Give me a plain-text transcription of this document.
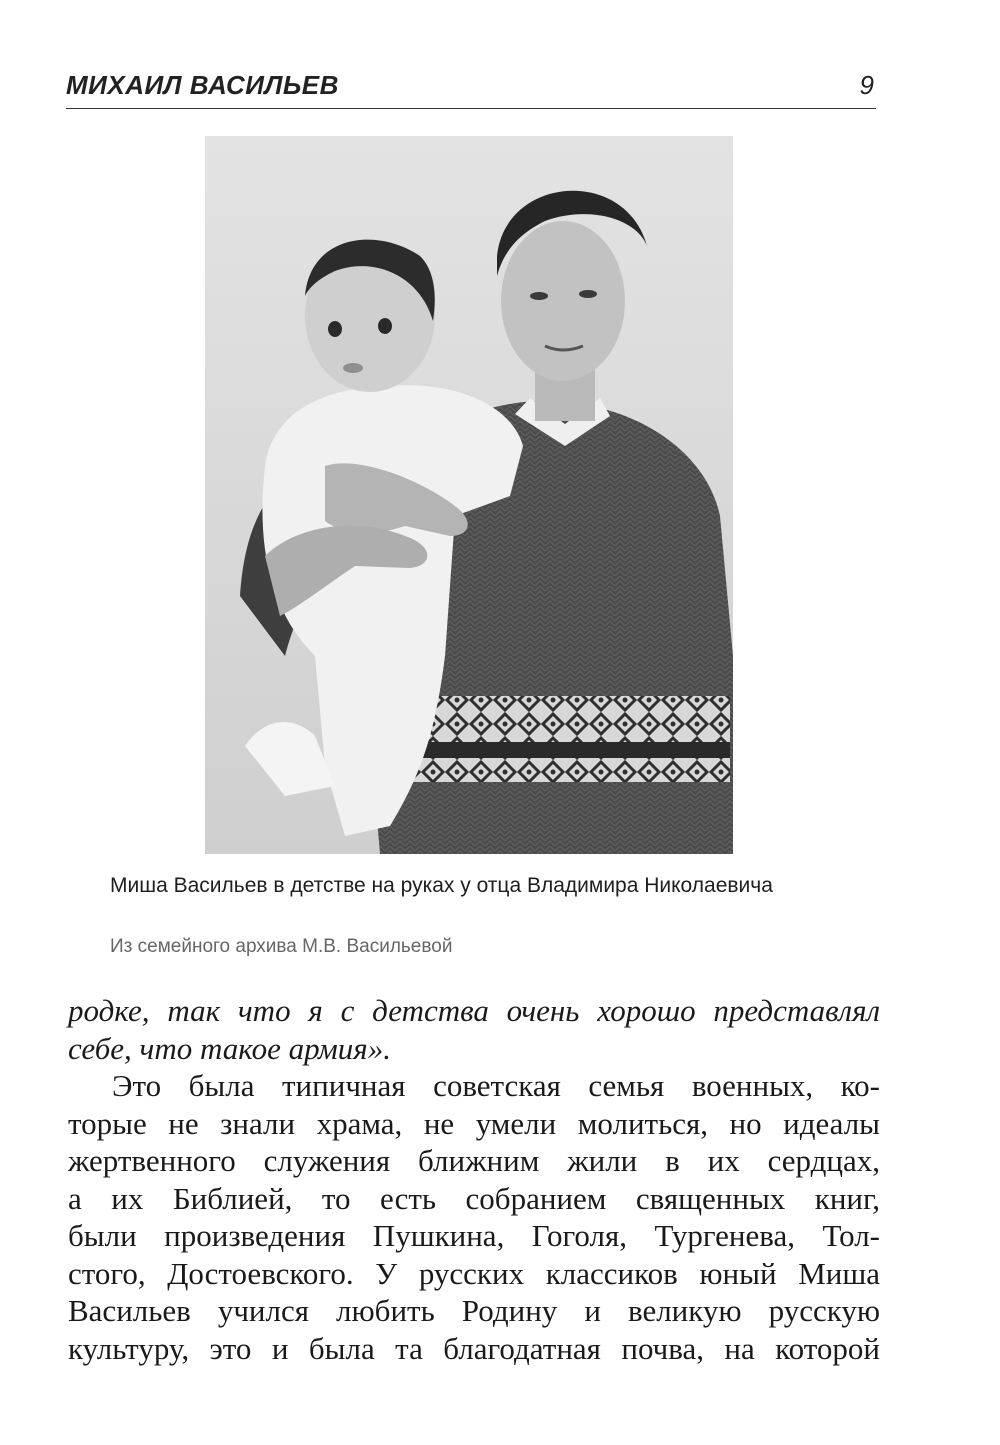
МИХАИЛ ВАСИЛЬЕВ	9
Миша Васильев в детстве на руках у отца Владимира Николаевича
Из семейного архива М.В. Васильевой
родке, так что я с детства очень хорошо представлял
себе, что такое армия».
Это была типичная советская семья военных, ко-
торые не знали храма, не умели молиться, но идеалы
жертвенного служения ближним жили в их сердцах,
а их Библией, то есть собранием священных книг,
были произведения Пушкина, Гоголя, Тургенева, Тол-
стого, Достоевского. У русских классиков юный Миша
Васильев учился любить Родину и великую русскую
культуру, это и была та благодатная почва, на которой
